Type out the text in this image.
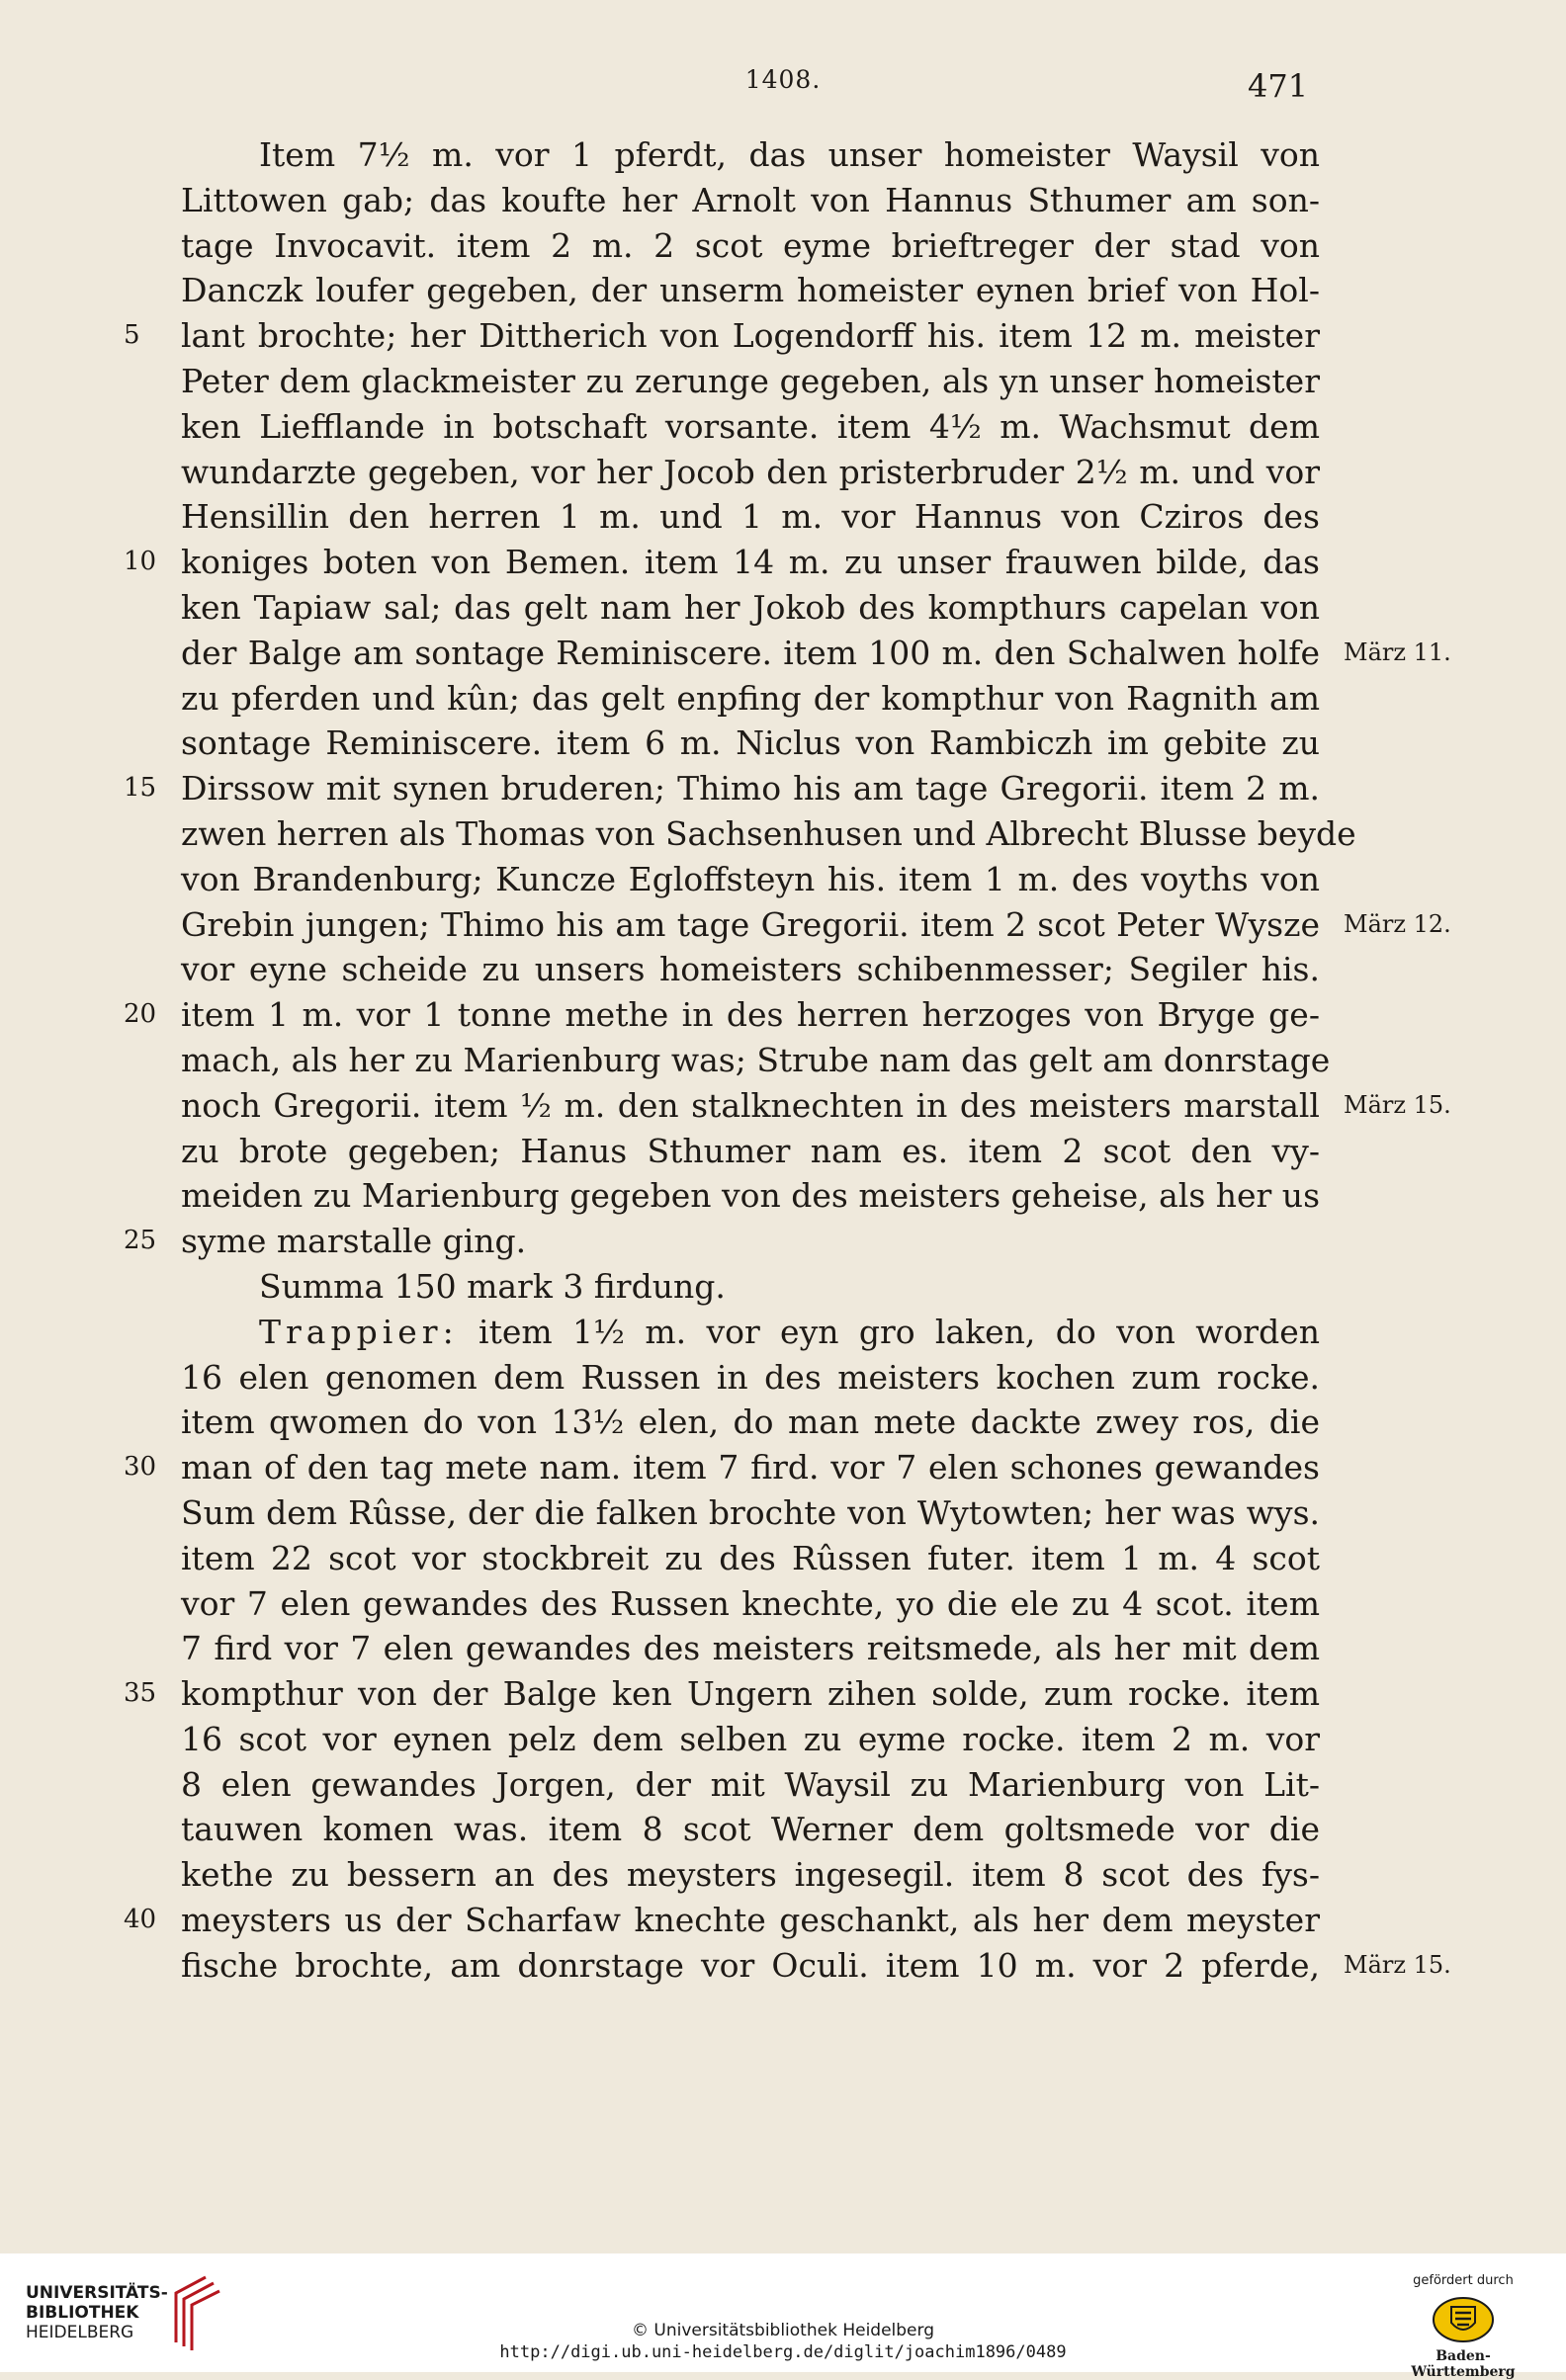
1408.	471
Item 7½ m. vor 1 pferdt, das unser homeister Waysil von
Littowen gab; das koufte her Arnolt von Hannus Sthumer am son-
tage Invocavit. item 2 m. 2 scot eyme brieftreger der stad von
Danczk loufer gegeben, der unserm homeister eynen brief von Hol-
5	lant brochte; her Dittherich von Logendorff his. item 12 m. meister
Peter dem glackmeister zu zerunge gegeben, als yn unser homeister
ken Liefflande in botschaft vorsante. item 4½ m. Wachsmut dem
wundarzte gegeben, vor her Jocob den pristerbruder 2½ m. und vor
Hensillin den herren 1 m. und 1 m. vor Hannus von Cziros des
10 koniges boten von Bemen. item 14 m. zu unser frauwen bilde, das
ken Tapiaw sal; das gelt nam her Jokob des kompthurs capelan von
der Balge am sontage Reminiscere. item 100 m. den Schalwen holfe März 11.
zu pferden und kûn; das gelt enpfing der kompthur von Ragnith am
sontage Reminiscere. item 6 m. Niclus von Rambiczh im gebite zu
15 Dirssow mit synen bruderen; Thimo his am tage Gregorii. item 2 m.
zwen herren als Thomas von Sachsenhusen und Albrecht Blusse beyde
von Brandenburg; Kuncze Egloffsteyn his. item 1 m. des voyths von
Grebin jungen; Thimo his am tage Gregorii. item 2 scot Peter Wysze März 12.
vor eyne scheide zu unsers homeisters schibenmesser; Segiler his.
20 item 1 m. vor 1 tonne methe in des herren herzoges von Bryge ge-
mach, als her zu Marienburg was; Strube nam das gelt am donrstage
noch Gregorii. item ½ m. den stalknechten in des meisters marstall März 15.
zu brote gegeben; Hanus Sthumer nam es. item 2 scot den vy-
meiden zu Marienburg gegeben von des meisters geheise, als her us
25 syme marstalle ging.
Summa 150 mark 3 firdung.
Trappier: item 1½ m. vor eyn gro laken, do von worden
16 elen genomen dem Russen in des meisters kochen zum rocke.
item qwomen do von 13½ elen, do man mete dackte zwey ros, die
30 man of den tag mete nam. item 7 fird. vor 7 elen schones gewandes
Sum dem Rûsse, der die falken brochte von Wytowten; her was wys.
item 22 scot vor stockbreit zu des Rûssen futer. item 1 m. 4 scot
vor 7 elen gewandes des Russen knechte, yo die ele zu 4 scot. item
7 fird vor 7 elen gewandes des meisters reitsmede, als her mit dem
35 kompthur von der Balge ken Ungern zihen solde, zum rocke. item
16 scot vor eynen pelz dem selben zu eyme rocke. item 2 m. vor
8 elen gewandes Jorgen, der mit Waysil zu Marienburg von Lit-
tauwen komen was. item 8 scot Werner dem goltsmede vor die
kethe zu bessern an des meysters ingesegil. item 8 scot des fys-
40 meysters us der Scharfaw knechte geschankt, als her dem meyster
fische brochte, am donrstage vor Oculi. item 10 m. vor 2 pferde, März 15.
UNIVERSITÄTS-
BIBLIOTHEK
HEIDELBERG	© Universitätsbibliothek Heidelberg
http://digi.ub.uni-heidelberg.de/diglit/joachim1896/0489
gefördert durch
Baden-Württemberg
